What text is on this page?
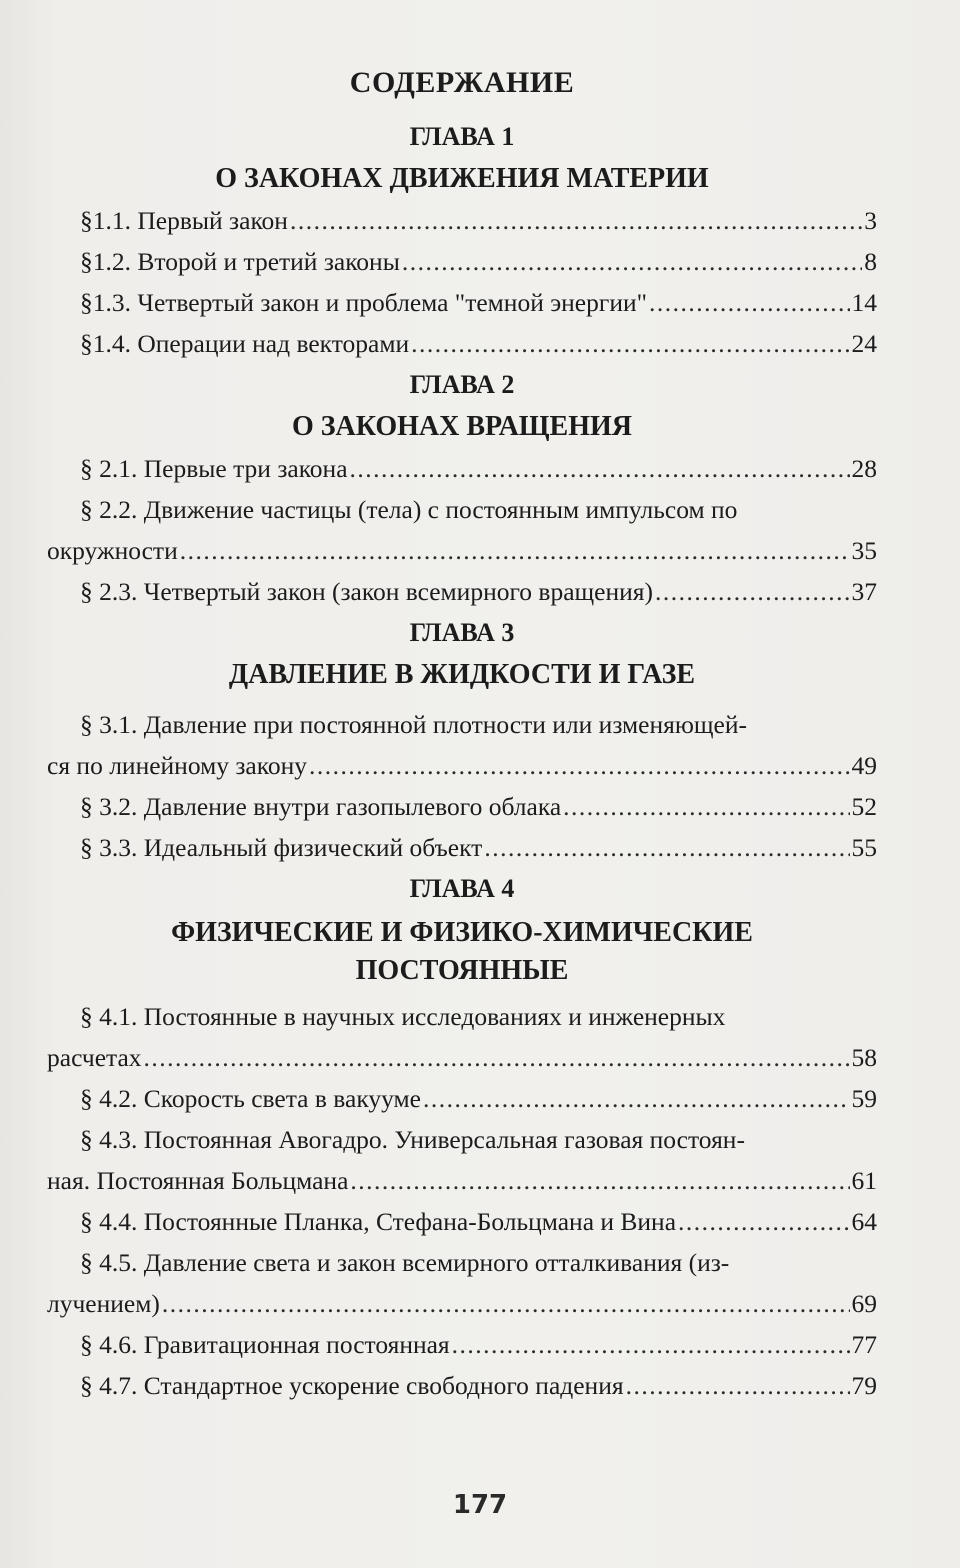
СОДЕРЖАНИЕ
ГЛАВА 1
О ЗАКОНАХ ДВИЖЕНИЯ МАТЕРИИ
§1.1. Первый закон .....	3
§1.2. Второй и третий законы .....	8
§1.3. Четвертый закон и проблема "темной энергии" .....	14
§1.4. Операции над векторами .....	24
ГЛАВА 2
О ЗАКОНАХ ВРАЩЕНИЯ
§ 2.1. Первые три закона .....	28
§ 2.2. Движение частицы (тела) с постоянным импульсом по
окружности .....	35
§ 2.3. Четвертый закон (закон всемирного вращения) .....	37
ГЛАВА 3
ДАВЛЕНИЕ В ЖИДКОСТИ И ГАЗЕ
§ 3.1. Давление при постоянной плотности или изменяющей-
ся по линейному закону .....	49
§ 3.2. Давление внутри газопылевого облака .....	52
§ 3.3. Идеальный физический объект .....	55
ГЛАВА 4
ФИЗИЧЕСКИЕ И ФИЗИКО-ХИМИЧЕСКИЕ ПОСТОЯННЫЕ
§ 4.1. Постоянные в научных исследованиях и инженерных
расчетах .....	58
§ 4.2. Скорость света в вакууме .....	59
§ 4.3. Постоянная Авогадро. Универсальная газовая постоян-
ная. Постоянная Больцмана .....	61
§ 4.4. Постоянные Планка, Стефана-Больцмана и Вина .....	64
§ 4.5. Давление света и закон всемирного отталкивания (из-
лучением) .....	69
§ 4.6. Гравитационная постоянная .....	77
§ 4.7. Стандартное ускорение свободного падения .....	79
177
